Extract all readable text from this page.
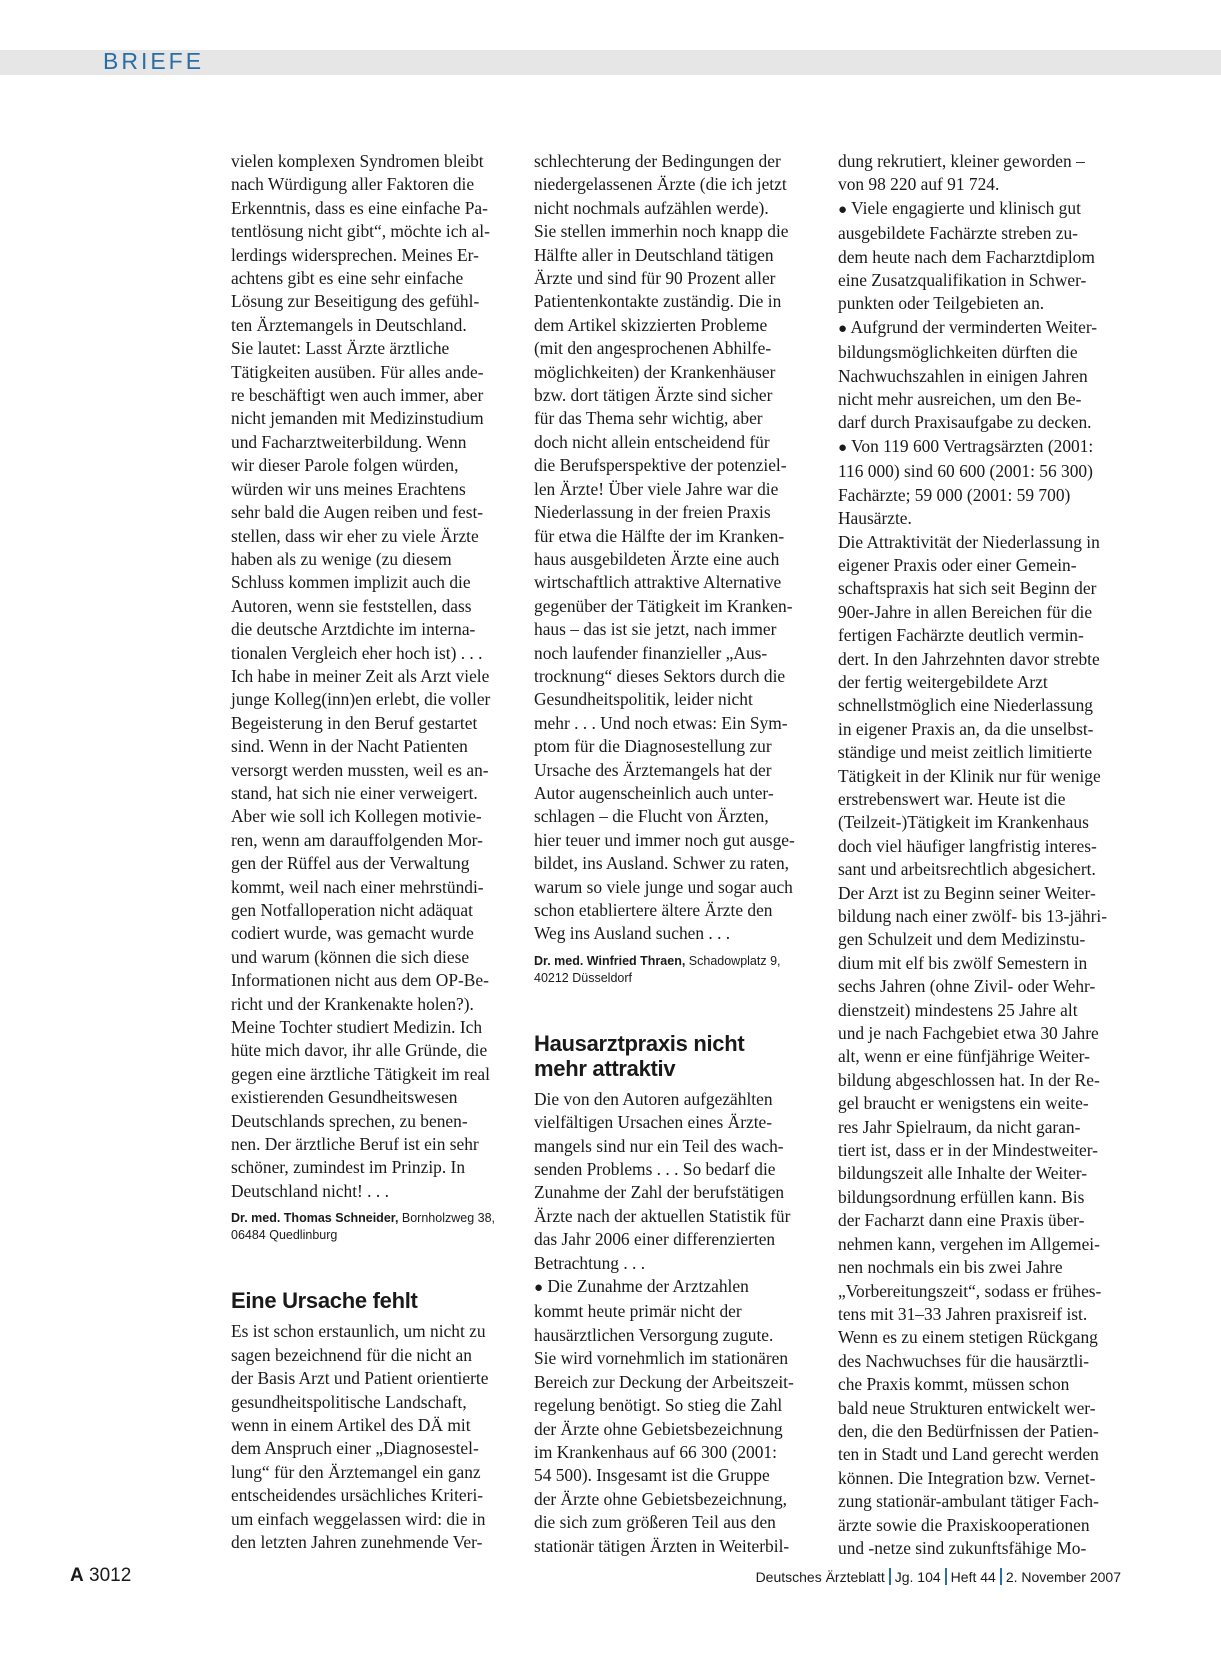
BRIEFE

vielen komplexen Syndromen bleibt

nach Würdigung aller Faktoren die

Erkenntnis, dass es eine einfache Pa-

tentlösung nicht gibt“, möchte ich al-

lerdings widersprechen. Meines Er-

achtens gibt es eine sehr einfache

Lösung zur Beseitigung des gefühl-

ten Ärztemangels in Deutschland.

Sie lautet: Lasst Ärzte ärztliche

Tätigkeiten ausüben. Für alles ande-

re beschäftigt wen auch immer, aber

nicht jemanden mit Medizinstudium

und Facharztweiterbildung. Wenn

wir dieser Parole folgen würden,

würden wir uns meines Erachtens

sehr bald die Augen reiben und fest-

stellen, dass wir eher zu viele Ärzte

haben als zu wenige (zu diesem

Schluss kommen implizit auch die

Autoren, wenn sie feststellen, dass

die deutsche Arztdichte im interna-

tionalen Vergleich eher hoch ist) . . .

Ich habe in meiner Zeit als Arzt viele

junge Kolleg(inn)en erlebt, die voller

Begeisterung in den Beruf gestartet

sind. Wenn in der Nacht Patienten

versorgt werden mussten, weil es an-

stand, hat sich nie einer verweigert.

Aber wie soll ich Kollegen motivie-

ren, wenn am darauffolgenden Mor-

gen der Rüffel aus der Verwaltung

kommt, weil nach einer mehrstündi-

gen Notfalloperation nicht adäquat

codiert wurde, was gemacht wurde

und warum (können die sich diese

Informationen nicht aus dem OP-Be-

richt und der Krankenakte holen?).

Meine Tochter studiert Medizin. Ich

hüte mich davor, ihr alle Gründe, die

gegen eine ärztliche Tätigkeit im real

existierenden Gesundheitswesen

Deutschlands sprechen, zu benen-

nen. Der ärztliche Beruf ist ein sehr

schöner, zumindest im Prinzip. In

Deutschland nicht! . . .

Dr. med. Thomas Schneider, Bornholzweg 38,

06484 Quedlinburg

Eine Ursache fehlt

Es ist schon erstaunlich, um nicht zu

sagen bezeichnend für die nicht an

der Basis Arzt und Patient orientierte

gesundheitspolitische Landschaft,

wenn in einem Artikel des DÄ mit

dem Anspruch einer „Diagnosestel-

lung“ für den Ärztemangel ein ganz

entscheidendes ursächliches Kriteri-

um einfach weggelassen wird: die in

den letzten Jahren zunehmende Ver-

schlechterung der Bedingungen der

niedergelassenen Ärzte (die ich jetzt

nicht nochmals aufzählen werde).

Sie stellen immerhin noch knapp die

Hälfte aller in Deutschland tätigen

Ärzte und sind für 90 Prozent aller

Patientenkontakte zuständig. Die in

dem Artikel skizzierten Probleme

(mit den angesprochenen Abhilfe-

möglichkeiten) der Krankenhäuser

bzw. dort tätigen Ärzte sind sicher

für das Thema sehr wichtig, aber

doch nicht allein entscheidend für

die Berufsperspektive der potenziel-

len Ärzte! Über viele Jahre war die

Niederlassung in der freien Praxis

für etwa die Hälfte der im Kranken-

haus ausgebildeten Ärzte eine auch

wirtschaftlich attraktive Alternative

gegenüber der Tätigkeit im Kranken-

haus – das ist sie jetzt, nach immer

noch laufender finanzieller „Aus-

trocknung“ dieses Sektors durch die

Gesundheitspolitik, leider nicht

mehr . . . Und noch etwas: Ein Sym-

ptom für die Diagnosestellung zur

Ursache des Ärztemangels hat der

Autor augenscheinlich auch unter-

schlagen – die Flucht von Ärzten,

hier teuer und immer noch gut ausge-

bildet, ins Ausland. Schwer zu raten,

warum so viele junge und sogar auch

schon etabliertere ältere Ärzte den

Weg ins Ausland suchen . . .

Dr. med. Winfried Thraen, Schadowplatz 9,

40212 Düsseldorf

Hausarztpraxis nicht
mehr attraktiv

Die von den Autoren aufgezählten

vielfältigen Ursachen eines Ärzte-

mangels sind nur ein Teil des wach-

senden Problems . . . So bedarf die

Zunahme der Zahl der berufstätigen

Ärzte nach der aktuellen Statistik für

das Jahr 2006 einer differenzierten

Betrachtung . . .

● Die Zunahme der Arztzahlen

kommt heute primär nicht der

hausärztlichen Versorgung zugute.

Sie wird vornehmlich im stationären

Bereich zur Deckung der Arbeitszeit-

regelung benötigt. So stieg die Zahl

der Ärzte ohne Gebietsbezeichnung

im Krankenhaus auf 66 300 (2001:

54 500). Insgesamt ist die Gruppe

der Ärzte ohne Gebietsbezeichnung,

die sich zum größeren Teil aus den

stationär tätigen Ärzten in Weiterbil-

dung rekrutiert, kleiner geworden –

von 98 220 auf 91 724.

● Viele engagierte und klinisch gut

ausgebildete Fachärzte streben zu-

dem heute nach dem Facharztdiplom

eine Zusatzqualifikation in Schwer-

punkten oder Teilgebieten an.

● Aufgrund der verminderten Weiter-

bildungsmöglichkeiten dürften die

Nachwuchszahlen in einigen Jahren

nicht mehr ausreichen, um den Be-

darf durch Praxisaufgabe zu decken.

● Von 119 600 Vertragsärzten (2001:

116 000) sind 60 600 (2001: 56 300)

Fachärzte; 59 000 (2001: 59 700)

Hausärzte.

Die Attraktivität der Niederlassung in

eigener Praxis oder einer Gemein-

schaftspraxis hat sich seit Beginn der

90er-Jahre in allen Bereichen für die

fertigen Fachärzte deutlich vermin-

dert. In den Jahrzehnten davor strebte

der fertig weitergebildete Arzt

schnellstmöglich eine Niederlassung

in eigener Praxis an, da die unselbst-

ständige und meist zeitlich limitierte

Tätigkeit in der Klinik nur für wenige

erstrebenswert war. Heute ist die

(Teilzeit-)Tätigkeit im Krankenhaus

doch viel häufiger langfristig interes-

sant und arbeitsrechtlich abgesichert.

Der Arzt ist zu Beginn seiner Weiter-

bildung nach einer zwölf- bis 13-jähri-

gen Schulzeit und dem Medizinstu-

dium mit elf bis zwölf Semestern in

sechs Jahren (ohne Zivil- oder Wehr-

dienstzeit) mindestens 25 Jahre alt

und je nach Fachgebiet etwa 30 Jahre

alt, wenn er eine fünfjährige Weiter-

bildung abgeschlossen hat. In der Re-

gel braucht er wenigstens ein weite-

res Jahr Spielraum, da nicht garan-

tiert ist, dass er in der Mindestweiter-

bildungszeit alle Inhalte der Weiter-

bildungsordnung erfüllen kann. Bis

der Facharzt dann eine Praxis über-

nehmen kann, vergehen im Allgemei-

nen nochmals ein bis zwei Jahre

„Vorbereitungszeit“, sodass er frühes-

tens mit 31–33 Jahren praxisreif ist.

Wenn es zu einem stetigen Rückgang

des Nachwuchses für die hausärztli-

che Praxis kommt, müssen schon

bald neue Strukturen entwickelt wer-

den, die den Bedürfnissen der Patien-

ten in Stadt und Land gerecht werden

können. Die Integration bzw. Vernet-

zung stationär-ambulant tätiger Fach-

ärzte sowie die Praxiskooperationen

und -netze sind zukunftsfähige Mo-

A 3012	Deutsches Ärzteblatt Jg. 104 Heft 44 2. November 2007
